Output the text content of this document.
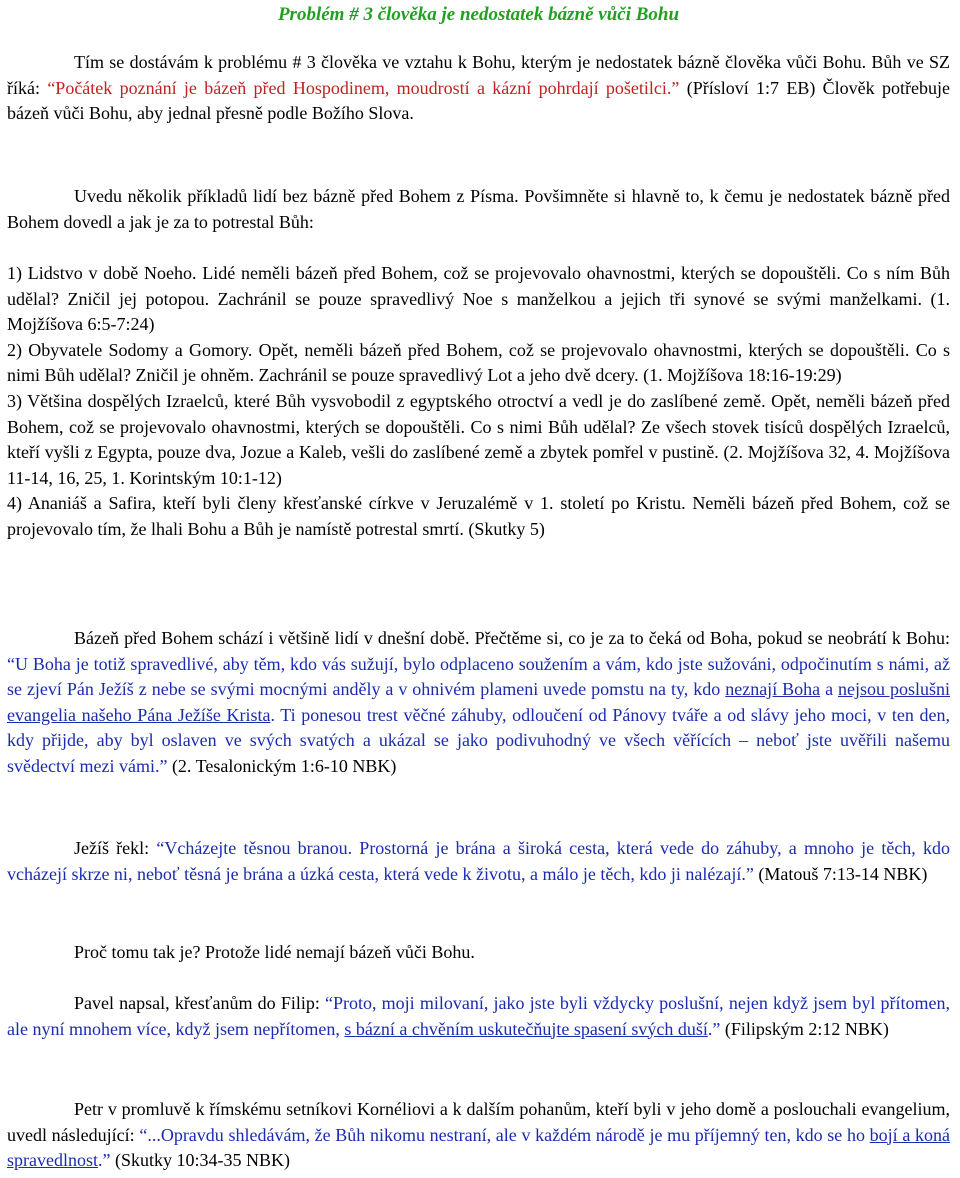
Problém # 3 člověka je nedostatek bázně vůči Bohu
Tím se dostávám k problému # 3 člověka ve vztahu k Bohu, kterým je nedostatek bázně člověka vůči Bohu. Bůh ve SZ říká: “Počátek poznání je bázeň před Hospodinem, moudrostí a kázní pohrdají pošetilci.” (Přísloví 1:7 EB) Člověk potřebuje bázeň vůči Bohu, aby jednal přesně podle Božího Slova.
Uvedu několik příkladů lidí bez bázně před Bohem z Písma. Povšimněte si hlavně to, k čemu je nedostatek bázně před Bohem dovedl a jak je za to potrestal Bůh:
1) Lidstvo v době Noeho. Lidé neměli bázeň před Bohem, což se projevovalo ohavnostmi, kterých se dopouštěli. Co s ním Bůh udělal? Zničil jej potopou. Zachránil se pouze spravedlivý Noe s manželkou a jejich tři synové se svými manželkami. (1. Mojžíšova 6:5-7:24)
2) Obyvatele Sodomy a Gomory. Opět, neměli bázeň před Bohem, což se projevovalo ohavnostmi, kterých se dopouštěli. Co s nimi Bůh udělal? Zničil je ohněm. Zachránil se pouze spravedlivý Lot a jeho dvě dcery. (1. Mojžíšova 18:16-19:29)
3) Většina dospělých Izraelců, které Bůh vysvobodil z egyptského otroctví a vedl je do zaslíbené země. Opět, neměli bázeň před Bohem, což se projevovalo ohavnostmi, kterých se dopouštěli. Co s nimi Bůh udělal? Ze všech stovek tisíců dospělých Izraelců, kteří vyšli z Egypta, pouze dva, Jozue a Kaleb, vešli do zaslíbené země a zbytek pomřel v pustině. (2. Mojžíšova 32, 4. Mojžíšova 11-14, 16, 25, 1. Korintským 10:1-12)
4) Ananiáš a Safira, kteří byli členy křesťanské církve v Jeruzalémě v 1. století po Kristu. Neměli bázeň před Bohem, což se projevovalo tím, že lhali Bohu a Bůh je namístě potrestal smrtí. (Skutky 5)
Bázeň před Bohem schází i většině lidí v dnešní době. Přečtěme si, co je za to čeká od Boha, pokud se neobrátí k Bohu: “U Boha je totiž spravedlivé, aby těm, kdo vás sužují, bylo odplaceno soužením a vám, kdo jste sužováni, odpočinutím s námi, až se zjeví Pán Ježíš z nebe se svými mocnými anděly a v ohnivém plameni uvede pomstu na ty, kdo neznají Boha a nejsou poslušni evangelia našeho Pána Ježíše Krista. Ti ponesou trest věčné záhuby, odloučení od Pánovy tváře a od slávy jeho moci, v ten den, kdy přijde, aby byl oslaven ve svých svatých a ukázal se jako podivuhodný ve všech věřících – neboť jste uvěřili našemu svědectví mezi vámi.” (2. Tesalonickým 1:6-10 NBK)
Ježíš řekl: “Vcházejte těsnou branou. Prostorná je brána a široká cesta, která vede do záhuby, a mnoho je těch, kdo vcházejí skrze ni, neboť těsná je brána a úzká cesta, která vede k životu, a málo je těch, kdo ji nalézají.” (Matouš 7:13-14 NBK)
Proč tomu tak je? Protože lidé nemají bázeň vůči Bohu.
Pavel napsal, křesťanům do Filip: “Proto, moji milovaní, jako jste byli vždycky poslušní, nejen když jsem byl přítomen, ale nyní mnohem více, když jsem nepřítomen, s bázní a chvěním uskutečňujte spasení svých duší.” (Filipským 2:12 NBK)
Petr v promluvě k římskému setníkovi Kornéliovi a k dalším pohanům, kteří byli v jeho domě a poslouchali evangelium, uvedl následující: “...Opravdu shledávám, že Bůh nikomu nestraní, ale v každém národě je mu příjemný ten, kdo se ho bojí a koná spravedlnost.” (Skutky 10:34-35 NBK)
